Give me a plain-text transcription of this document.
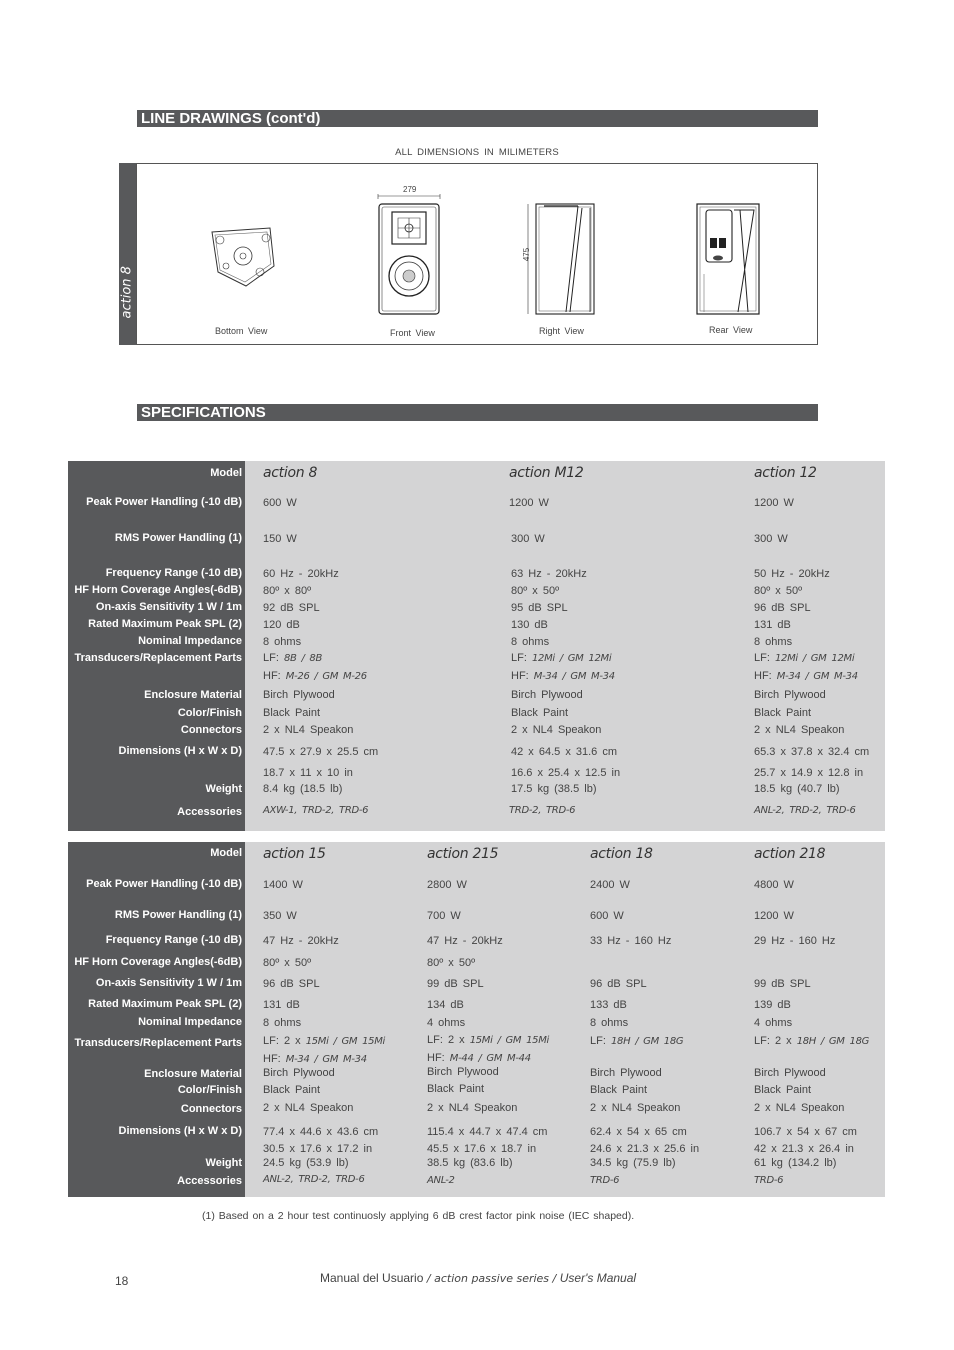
LINE DRAWINGS (cont'd)
ALL DIMENSIONS IN MILIMETERS
action 8
Bottom View
279
Front View
475
Right View	Rear View
SPECIFICATIONS
Model
Peak Power Handling (-10 dB)
RMS Power Handling (1)
Frequency Range (-10 dB)
HF Horn Coverage Angles(-6dB)
On-axis Sensitivity 1 W / 1m
Rated Maximum Peak SPL (2)
Nominal Impedance
Transducers/Replacement Parts
Enclosure Material
Color/Finish
Connectors
Dimensions (H x W x D)
Weight
Accessories
action 8
600 W
150 W
60 Hz - 20kHz
80º x 80º
92 dB SPL
120 dB
8 ohms
LF: 8B / 8B
HF: M-26 / GM M-26
Birch Plywood
Black Paint
2 x NL4 Speakon
47.5 x 27.9 x 25.5 cm
18.7 x 11 x 10 in
8.4 kg (18.5 lb)
AXW-1, TRD-2, TRD-6
action M12
1200 W
300 W
63 Hz - 20kHz
80º x 50º
95 dB SPL
130 dB
8 ohms
LF: 12Mi / GM 12Mi
HF: M-34 / GM M-34
Birch Plywood
Black Paint
2 x NL4 Speakon
42 x 64.5 x 31.6 cm
16.6 x 25.4 x 12.5 in
17.5 kg (38.5 lb)
TRD-2, TRD-6
action 12
1200 W
300 W
50 Hz - 20kHz
80º x 50º
96 dB SPL
131 dB
8 ohms
LF: 12Mi / GM 12Mi
HF: M-34 / GM M-34
Birch Plywood
Black Paint
2 x NL4 Speakon
65.3 x 37.8 x 32.4 cm
25.7 x 14.9 x 12.8 in
18.5 kg (40.7 lb)
ANL-2, TRD-2, TRD-6
Model
Peak Power Handling (-10 dB)
RMS Power Handling (1)
Frequency Range (-10 dB)
HF Horn Coverage Angles(-6dB)
On-axis Sensitivity 1 W / 1m
Rated Maximum Peak SPL (2)
Nominal Impedance
Transducers/Replacement Parts
Enclosure Material
Color/Finish
Connectors
Dimensions (H x W x D)
Weight
Accessories
action 15
1400 W
350 W
47 Hz - 20kHz
80º x 50º
96 dB SPL
131 dB
8 ohms
LF: 2 x 15Mi / GM 15Mi
HF: M-34 / GM M-34
Birch Plywood
Black Paint
2 x NL4 Speakon
77.4 x 44.6 x 43.6 cm
30.5 x 17.6 x 17.2 in
24.5 kg (53.9 lb)
ANL-2, TRD-2, TRD-6
action 215
2800 W
700 W
47 Hz - 20kHz
80º x 50º
99 dB SPL
134 dB
4 ohms
LF: 2 x 15Mi / GM 15Mi
HF: M-44 / GM M-44
Birch Plywood
Black Paint
2 x NL4 Speakon
115.4 x 44.7 x 47.4 cm
45.5 x 17.6 x 18.7 in
38.5 kg (83.6 lb)
ANL-2
action 18
2400 W
600 W
33 Hz - 160 Hz
96 dB SPL
133 dB
8 ohms
LF: 18H / GM 18G
Birch Plywood
Black Paint
2 x NL4 Speakon
62.4 x 54 x 65 cm
24.6 x 21.3 x 25.6 in
34.5 kg (75.9 lb)
TRD-6
action 218
4800 W
1200 W
29 Hz - 160 Hz
99 dB SPL
139 dB
4 ohms
LF: 2 x 18H / GM 18G
Birch Plywood
Black Paint
2 x NL4 Speakon
106.7 x 54 x 67 cm
42 x 21.3 x 26.4 in
61 kg (134.2 lb)
TRD-6
(1) Based on a 2 hour test continuosly applying 6 dB crest factor pink noise (IEC shaped).
18	Manual del Usuario / action passive series / User's Manual
